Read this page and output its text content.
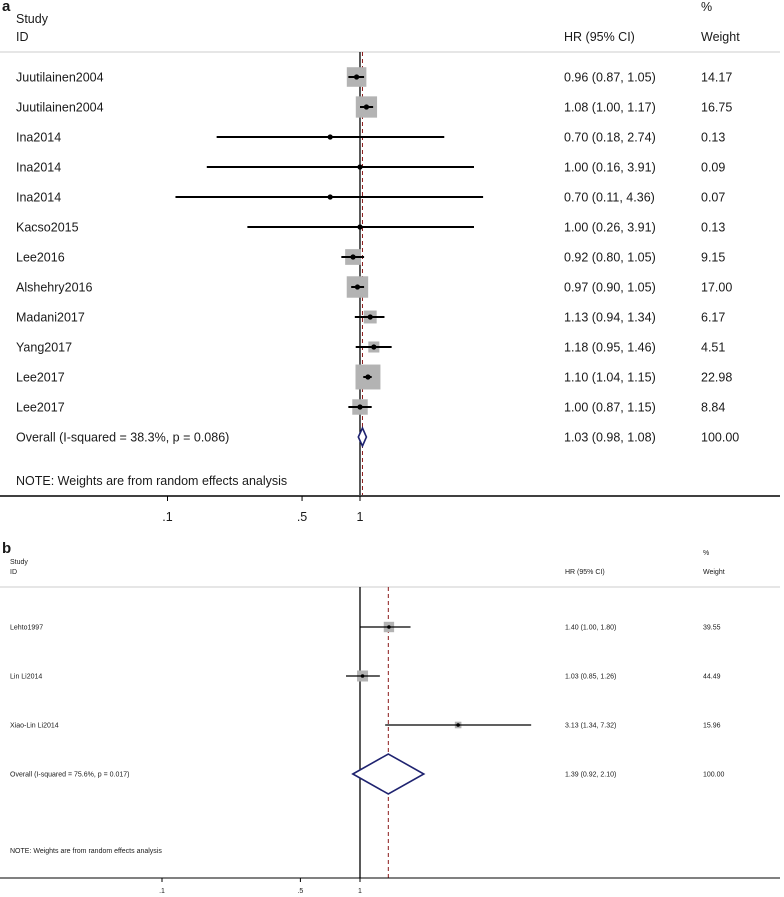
a
b
Study
ID	HR (95% CI)
%
Weight
NOTE: Weights are from random effects analysis
Study
ID	HR (95% CI)
%
Weight
NOTE: Weights are from random effects analysis
Juutilainen2004	0.96 (0.87, 1.05)	14.17
Juutilainen2004	1.08 (1.00, 1.17)	16.75
Ina2014	0.70 (0.18, 2.74)	0.13
Ina2014	1.00 (0.16, 3.91)	0.09
Ina2014	0.70 (0.11, 4.36)	0.07
Kacso2015	1.00 (0.26, 3.91)	0.13
Lee2016	0.92 (0.80, 1.05)	9.15
Alshehry2016	0.97 (0.90, 1.05)	17.00
Madani2017	1.13 (0.94, 1.34)	6.17
Yang2017	1.18 (0.95, 1.46)	4.51
Lee2017	1.10 (1.04, 1.15)	22.98
Lee2017	1.00 (0.87, 1.15)	8.84
Overall (I-squared = 38.3%, p = 0.086)	1.03 (0.98, 1.08)	100.00
.1	.5	1
Lehto1997	1.40 (1.00, 1.80)	39.55
Lin Li2014	1.03 (0.85, 1.26)	44.49
Xiao-Lin Li2014	3.13 (1.34, 7.32)	15.96
Overall (I-squared = 75.6%, p = 0.017)	1.39 (0.92, 2.10)	100.00
.1	.5	1
